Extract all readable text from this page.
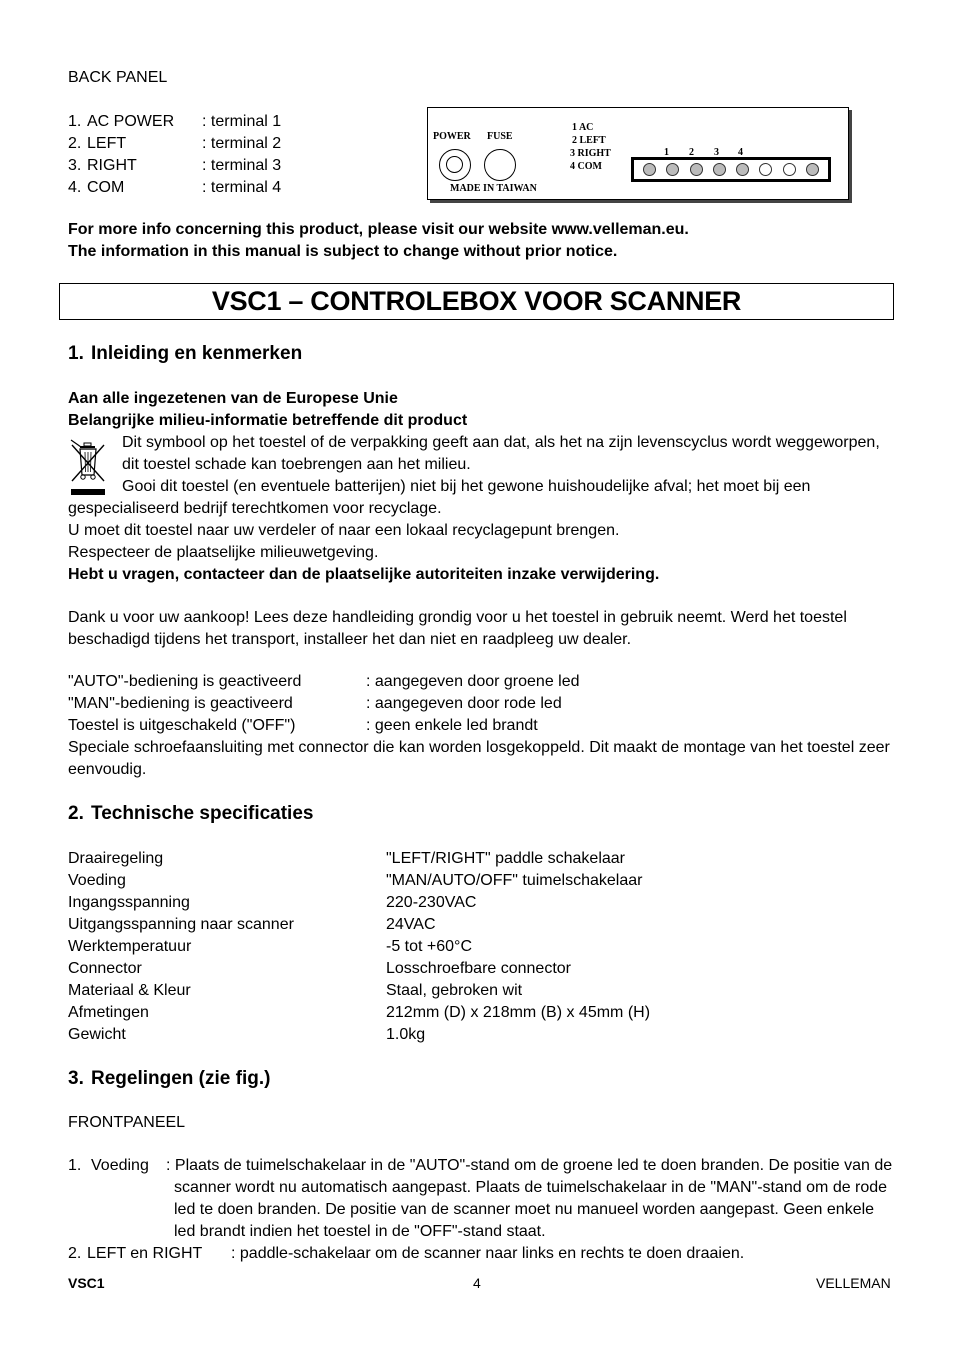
BACK PANEL
1. AC POWER : terminal 1
2. LEFT	: terminal 2
3. RIGHT	: terminal 3
4. COM	: terminal 4
POWER FUSE
MADE IN TAIWAN
1 AC
2 LEFT
3 RIGHT
4 COM
1 2 3 4
For more info concerning this product, please visit our website www.velleman.eu.
The information in this manual is subject to change without prior notice.
VSC1 – CONTROLEBOX VOOR SCANNER
1. Inleiding en kenmerken
Aan alle ingezetenen van de Europese Unie
Belangrijke milieu-informatie betreffende dit product
Dit symbool op het toestel of de verpakking geeft aan dat, als het na zijn levenscyclus wordt weggeworpen,
dit toestel schade kan toebrengen aan het milieu.
Gooi dit toestel (en eventuele batterijen) niet bij het gewone huishoudelijke afval; het moet bij een
gespecialiseerd bedrijf terechtkomen voor recyclage.
U moet dit toestel naar uw verdeler of naar een lokaal recyclagepunt brengen.
Respecteer de plaatselijke milieuwetgeving.
Hebt u vragen, contacteer dan de plaatselijke autoriteiten inzake verwijdering.
Dank u voor uw aankoop! Lees deze handleiding grondig voor u het toestel in gebruik neemt. Werd het toestel
beschadigd tijdens het transport, installeer het dan niet en raadpleeg uw dealer.
"AUTO"-bediening is geactiveerd	: aangegeven door groene led
"MAN"-bediening is geactiveerd	: aangegeven door rode led
Toestel is uitgeschakeld ("OFF")	: geen enkele led brandt
Speciale schroefaansluiting met connector die kan worden losgekoppeld. Dit maakt de montage van het toestel zeer
eenvoudig.
2. Technische specificaties
Draairegeling	"LEFT/RIGHT" paddle schakelaar
Voeding	"MAN/AUTO/OFF" tuimelschakelaar
Ingangsspanning	220-230VAC
Uitgangsspanning naar scanner	24VAC
Werktemperatuur	-5 tot +60°C
Connector	Losschroefbare connector
Materiaal & Kleur	Staal, gebroken wit
Afmetingen	212mm (D) x 218mm (B) x 45mm (H)
Gewicht	1.0kg
3. Regelingen (zie fig.)
FRONTPANEEL
1. Voeding : Plaats de tuimelschakelaar in de "AUTO"-stand om de groene led te doen branden. De positie van de
scanner wordt nu automatisch aangepast. Plaats de tuimelschakelaar in de "MAN"-stand om de rode
led te doen branden. De positie van de scanner moet nu manueel worden aangepast. Geen enkele
led brandt indien het toestel in de "OFF"-stand staat.
2. LEFT en RIGHT : paddle-schakelaar om de scanner naar links en rechts te doen draaien.
VSC1	4	VELLEMAN
